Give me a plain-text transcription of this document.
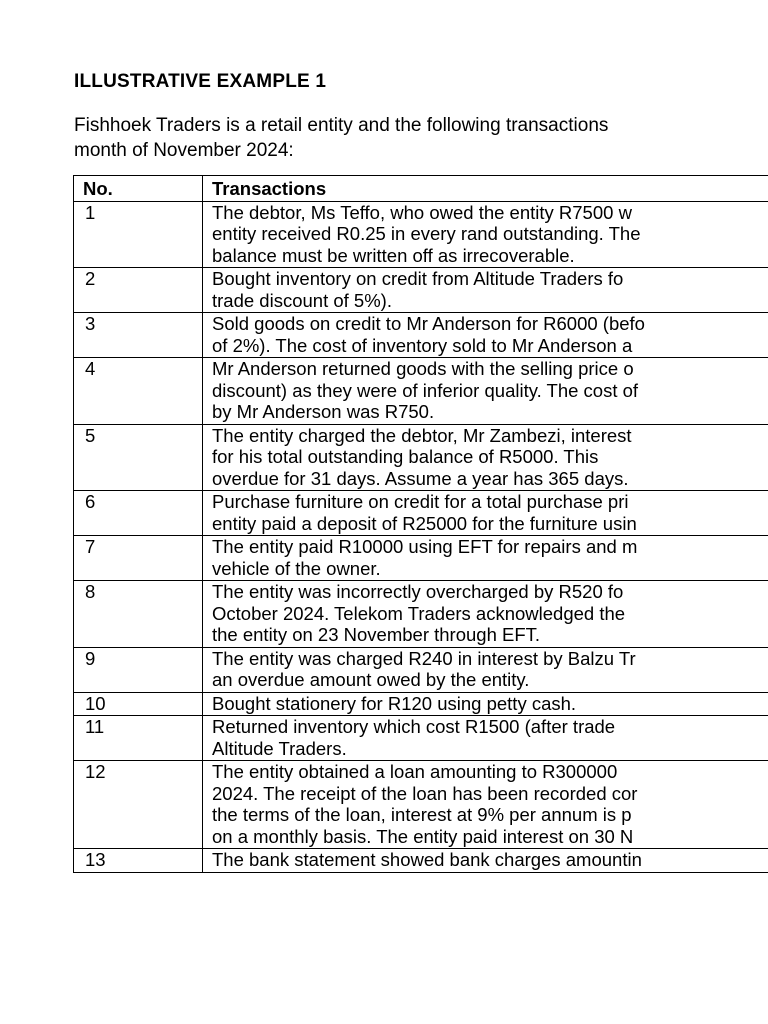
ILLUSTRATIVE EXAMPLE 1
Fishhoek Traders is a retail entity and the following transactions
month of November 2024:
No.	Transactions
1	The debtor, Ms Teffo, who owed the entity R7500 w
entity received R0.25 in every rand outstanding. The
balance must be written off as irrecoverable.

2	Bought inventory on credit from Altitude Traders fo
trade discount of 5%).

3	Sold goods on credit to Mr Anderson for R6000 (befo
of 2%). The cost of inventory sold to Mr Anderson a

4	Mr Anderson returned goods with the selling price o
discount) as they were of inferior quality. The cost of
by Mr Anderson was R750.

5	The entity charged the debtor, Mr Zambezi, interest
for his total outstanding balance of R5000. This
overdue for 31 days. Assume a year has 365 days.

6	Purchase furniture on credit for a total purchase pri
entity paid a deposit of R25000 for the furniture usin

7	The entity paid R10000 using EFT for repairs and m
vehicle of the owner.

8	The entity was incorrectly overcharged by R520 fo
October 2024. Telekom Traders acknowledged the
the entity on 23 November through EFT.

9	The entity was charged R240 in interest by Balzu Tr
an overdue amount owed by the entity.

10	Bought stationery for R120 using petty cash.

11	Returned inventory which cost R1500 (after trade
Altitude Traders.

12	The entity obtained a loan amounting to R300000
2024. The receipt of the loan has been recorded cor
the terms of the loan, interest at 9% per annum is p
on a monthly basis. The entity paid interest on 30 N

13	The bank statement showed bank charges amountin
